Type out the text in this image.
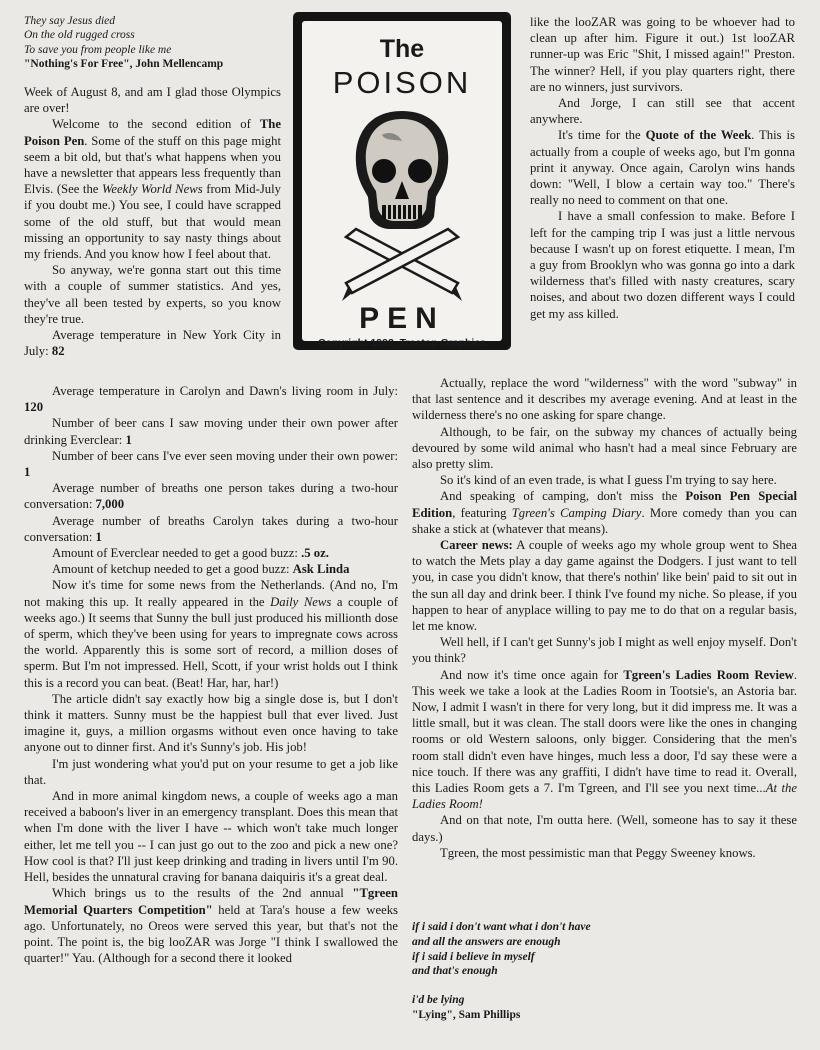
They say Jesus died
On the old rugged cross
To save you from people like me
"Nothing's For Free", John Mellencamp

Week of August 8, and am I glad those Olympics are over!

Welcome to the second edition of The Poison Pen. Some of the stuff on this page might seem a bit old, but that's what happens when you have a newsletter that appears less frequently than Elvis. (See the Weekly World News from Mid-July if you doubt me.) You see, I could have scrapped some of the old stuff, but that would mean missing an opportunity to say nasty things about my friends. And you know how I feel about that.

So anyway, we're gonna start out this time with a couple of summer statistics. And yes, they've all been tested by experts, so you know they're true.

Average temperature in New York City in July: 82

The
POISON
PEN
Copyright 1992, Treetop Graphics

like the looZAR was going to be whoever had to clean up after him. Figure it out.) 1st looZAR runner-up was Eric "Shit, I missed again!" Preston. The winner? Hell, if you play quarters right, there are no winners, just survivors.

And Jorge, I can still see that accent anywhere.

It's time for the Quote of the Week. This is actually from a couple of weeks ago, but I'm gonna print it anyway. Once again, Carolyn wins hands down: "Well, I blow a certain way too." There's really no need to comment on that one.

I have a small confession to make. Before I left for the camping trip I was just a little nervous because I wasn't up on forest etiquette. I mean, I'm a guy from Brooklyn who was gonna go into a dark wilderness that's filled with nasty creatures, scary noises, and about two dozen different ways I could get my ass killed.

Average temperature in Carolyn and Dawn's living room in July: 120

Number of beer cans I saw moving under their own power after drinking Everclear: 1

Number of beer cans I've ever seen moving under their own power: 1

Average number of breaths one person takes during a two-hour conversation: 7,000

Average number of breaths Carolyn takes during a two-hour conversation: 1

Amount of Everclear needed to get a good buzz: .5 oz.

Amount of ketchup needed to get a good buzz: Ask Linda

Now it's time for some news from the Netherlands. (And no, I'm not making this up. It really appeared in the Daily News a couple of weeks ago.) It seems that Sunny the bull just produced his millionth dose of sperm, which they've been using for years to impregnate cows across the world. Apparently this is some sort of record, a million doses of sperm. But I'm not impressed. Hell, Scott, if your wrist holds out I think this is a record you can beat. (Beat! Har, har, har!)

The article didn't say exactly how big a single dose is, but I don't think it matters. Sunny must be the happiest bull that ever lived. Just imagine it, guys, a million orgasms without even once having to take anyone out to dinner first. And it's Sunny's job. His job!

I'm just wondering what you'd put on your resume to get a job like that.

And in more animal kingdom news, a couple of weeks ago a man received a baboon's liver in an emergency transplant. Does this mean that when I'm done with the liver I have -- which won't take much longer either, let me tell you -- I can just go out to the zoo and pick a new one? How cool is that? I'll just keep drinking and trading in livers until I'm 90. Hell, besides the unnatural craving for banana daiquiris it's a great deal.

Which brings us to the results of the 2nd annual "Tgreen Memorial Quarters Competition" held at Tara's house a few weeks ago. Unfortunately, no Oreos were served this year, but that's not the point. The point is, the big looZAR was Jorge "I think I swallowed the quarter!" Yau. (Although for a second there it looked

Actually, replace the word "wilderness" with the word "subway" in that last sentence and it describes my average evening. And at least in the wilderness there's no one asking for spare change.

Although, to be fair, on the subway my chances of actually being devoured by some wild animal who hasn't had a meal since February are also pretty slim.

So it's kind of an even trade, is what I guess I'm trying to say here.

And speaking of camping, don't miss the Poison Pen Special Edition, featuring Tgreen's Camping Diary. More comedy than you can shake a stick at (whatever that means).

Career news: A couple of weeks ago my whole group went to Shea to watch the Mets play a day game against the Dodgers. I just want to tell you, in case you didn't know, that there's nothin' like bein' paid to sit out in the sun all day and drink beer. I think I've found my niche. So please, if you happen to hear of anyplace willing to pay me to do that on a regular basis, let me know.

Well hell, if I can't get Sunny's job I might as well enjoy myself. Don't you think?

And now it's time once again for Tgreen's Ladies Room Review. This week we take a look at the Ladies Room in Tootsie's, an Astoria bar. Now, I admit I wasn't in there for very long, but it did impress me. It was a little small, but it was clean. The stall doors were like the ones in changing rooms or old Western saloons, only bigger. Considering that the men's room stall didn't even have hinges, much less a door, I'd say these were a nice touch. If there was any graffiti, I didn't have time to read it. Overall, this Ladies Room gets a 7. I'm Tgreen, and I'll see you next time...At the Ladies Room!

And on that note, I'm outta here. (Well, someone has to say it these days.)

Tgreen, the most pessimistic man that Peggy Sweeney knows.

if i said i don't want what i don't have
and all the answers are enough
if i said i believe in myself
and that's enough
i'd be lying
"Lying", Sam Phillips
